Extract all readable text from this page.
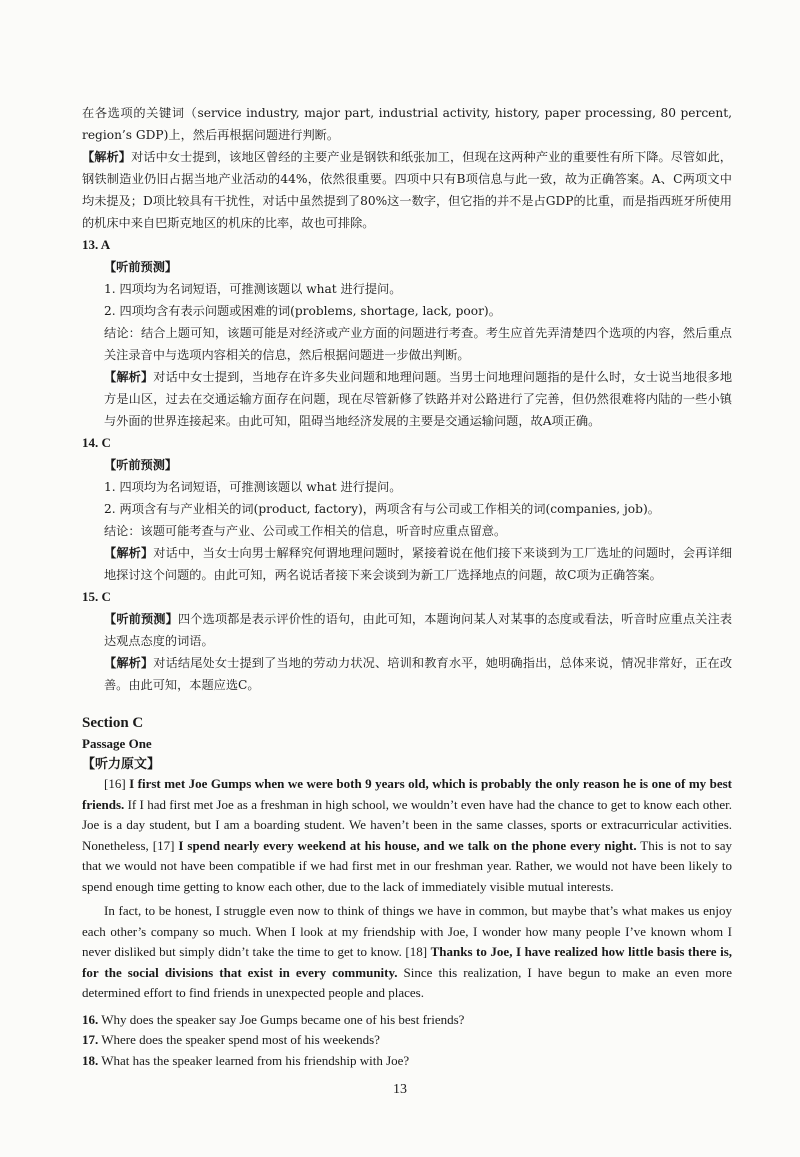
在各选项的关键词（service industry, major part, industrial activity, history, paper processing, 80 percent, region’s GDP)上，然后再根据问题进行判断。

【解析】对话中女士提到，该地区曾经的主要产业是钢铁和纸张加工，但现在这两种产业的重要性有所下降。尽管如此，钢铁制造业仍旧占据当地产业活动的44%，依然很重要。四项中只有B项信息与此一致，故为正确答案。A、C两项文中均未提及；D项比较具有干扰性，对话中虽然提到了80%这一数字，但它指的并不是占GDP的比重，而是指西班牙所使用的机床中来自巴斯克地区的机床的比率，故也可排除。

13. A

【听前预测】

1. 四项均为名词短语，可推测该题以 what 进行提问。

2. 四项均含有表示问题或困难的词(problems, shortage, lack, poor)。

结论：结合上题可知，该题可能是对经济或产业方面的问题进行考查。考生应首先弄清楚四个选项的内容，然后重点关注录音中与选项内容相关的信息，然后根据问题进一步做出判断。

【解析】对话中女士提到，当地存在许多失业问题和地理问题。当男士问地理问题指的是什么时，女士说当地很多地方是山区，过去在交通运输方面存在问题，现在尽管新修了铁路并对公路进行了完善，但仍然很难将内陆的一些小镇与外面的世界连接起来。由此可知，阻碍当地经济发展的主要是交通运输问题，故A项正确。

14. C

【听前预测】

1. 四项均为名词短语，可推测该题以 what 进行提问。

2. 两项含有与产业相关的词(product, factory)，两项含有与公司或工作相关的词(companies, job)。

结论：该题可能考查与产业、公司或工作相关的信息，听音时应重点留意。

【解析】对话中，当女士向男士解释究何谓地理问题时，紧接着说在他们接下来谈到为工厂选址的问题时，会再详细地探讨这个问题的。由此可知，两名说话者接下来会谈到为新工厂选择地点的问题，故C项为正确答案。

15. C

【听前预测】四个选项都是表示评价性的语句，由此可知，本题询问某人对某事的态度或看法，听音时应重点关注表达观点态度的词语。

【解析】对话结尾处女士提到了当地的劳动力状况、培训和教育水平，她明确指出，总体来说，情况非常好，正在改善。由此可知，本题应选C。

Section C

Passage One

【听力原文】

[16] I first met Joe Gumps when we were both 9 years old, which is probably the only reason he is one of my best friends. If I had first met Joe as a freshman in high school, we wouldn’t even have had the chance to get to know each other. Joe is a day student, but I am a boarding student. We haven’t been in the same classes, sports or extracurricular activities. Nonetheless, [17] I spend nearly every weekend at his house, and we talk on the phone every night. This is not to say that we would not have been compatible if we had first met in our freshman year. Rather, we would not have been likely to spend enough time getting to know each other, due to the lack of immediately visible mutual interests.

In fact, to be honest, I struggle even now to think of things we have in common, but maybe that’s what makes us enjoy each other’s company so much. When I look at my friendship with Joe, I wonder how many people I’ve known whom I never disliked but simply didn’t take the time to get to know. [18] Thanks to Joe, I have realized how little basis there is, for the social divisions that exist in every community. Since this realization, I have begun to make an even more determined effort to find friends in unexpected people and places.

16. Why does the speaker say Joe Gumps became one of his best friends?

17. Where does the speaker spend most of his weekends?

18. What has the speaker learned from his friendship with Joe?

13
